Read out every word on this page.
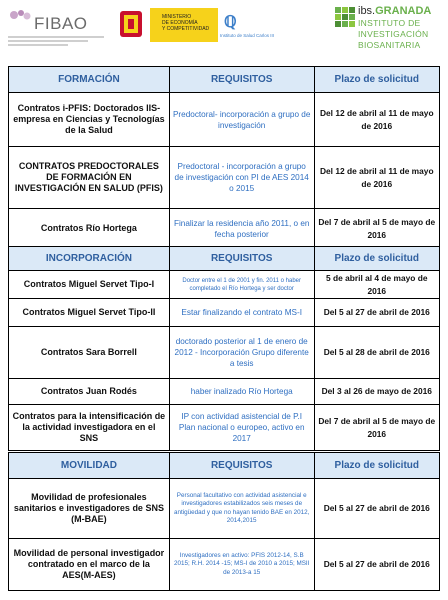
FIBAO	MINISTERIO
DE ECONOMÍA
Y COMPETITIVIDAD ℚ
Instituto de Salud Carlos III
ibs.GRANADA
INSTITUTO DE
INVESTIGACIÓN
BIOSANITARIA
FORMACIÓN	REQUISITOS	Plazo de solicitud
Contratos i-PFIS: Doctorados IIS-empresa en Ciencias y Tecnologías de la Salud	Predoctoral- incorporación a grupo de investigación	Del 12 de abril al 11 de mayo de 2016
CONTRATOS PREDOCTORALES DE FORMACIÓN EN INVESTIGACIÓN EN SALUD (PFIS)	Predoctoral - incorporación a grupo de investigación con PI de AES 2014 o 2015	Del 12 de abril al 11 de mayo de 2016
Contratos Río Hortega	Finalizar la residencia año 2011, o en fecha posterior	Del 7 de abril al 5 de mayo de 2016
INCORPORACIÓN	REQUISITOS	Plazo de solicitud
Contratos Miguel Servet Tipo-I	Doctor entre el 1 de 2001 y fin. 2011 o haber completado el Río Hortega y ser doctor	5 de abril al 4 de mayo de 2016
Contratos Miguel Servet Tipo-II	Estar finalizando el contrato MS-I	Del 5 al 27 de abril de 2016
Contratos Sara Borrell	doctorado posterior al 1 de enero de 2012 - Incorporación Grupo diferente a tesis	Del 5 al 28 de abril de 2016
Contratos Juan Rodés	haber inalizado Río Hortega	Del 3 al 26 de mayo de 2016
Contratos para la intensificación de la actividad investigadora en el SNS	IP con actividad asistencial de P.I Plan nacional o europeo, activo en 2017	Del 7 de abril al 5 de mayo de 2016
MOVILIDAD	REQUISITOS	Plazo de solicitud
Movilidad de profesionales sanitarios e investigadores de SNS (M-BAE)	Personal facultativo con actividad asistencial e investigadores estabilizados seis meses de antigüedad y que no hayan tenido BAE en 2012, 2014,2015	Del 5 al 27 de abril de 2016
Movilidad de personal investigador contratado en el marco de la AES(M-AES)	Investigadores en activo: PFIS 2012-14, S.B 2015; R.H. 2014 -15; MS-I de 2010 a 2015; MSII de 2013-a 15	Del 5 al 27 de abril de 2016
